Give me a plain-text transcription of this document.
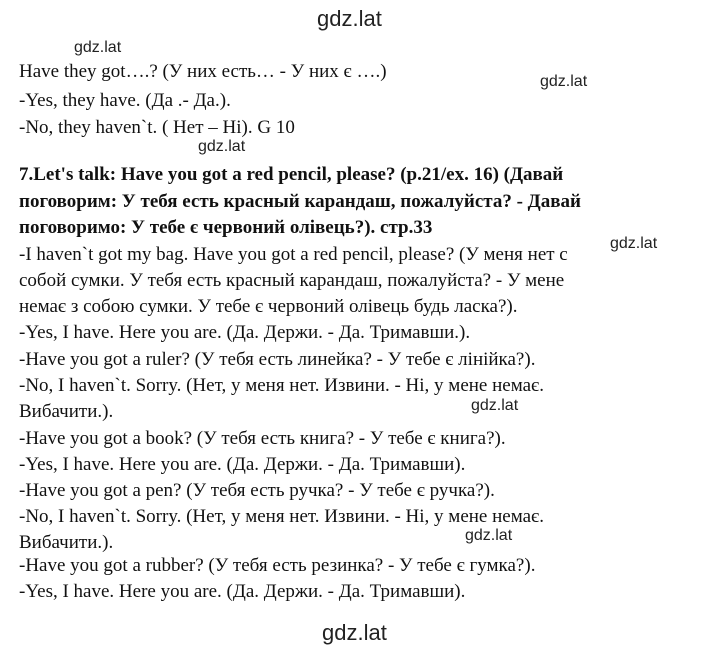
gdz.lat
gdz.lat
gdz.lat
gdz.lat
gdz.lat
gdz.lat
gdz.lat
gdz.lat
Have they got….? (У них есть… - У них є ….)
-Yes, they have. (Да .- Да.).
-No, they haven`t. ( Нет – Ні). G 10
7.Let's talk: Have you got a red pencil, please? (р.21/ex. 16) (Давай
поговорим: У тебя есть красный карандаш, пожалуйста? - Давай
поговоримо: У тебе є червоний олівець?). стр.33
-I haven`t got my bag. Have you got a red pencil, please? (У меня нет с
собой сумки. У тебя есть красный карандаш, пожалуйста? - У мене
немає з собою сумки. У тебе є червоний олівець будь ласка?).
-Yes, I have. Here you are. (Да. Держи. - Да. Тримавши.).
-Have you got a ruler? (У тебя есть линейка? - У тебе є лінійка?).
-No, I haven`t. Sorry. (Нет, у меня нет. Извини. - Ні, у мене немає.
Вибачити.).
-Have you got a book? (У тебя есть книга? - У тебе є книга?).
-Yes, I have. Here you are. (Да. Держи. - Да. Тримавши).
-Have you got a pen? (У тебя есть ручка? - У тебе є ручка?).
-No, I haven`t. Sorry. (Нет, у меня нет. Извини. - Ні, у мене немає.
Вибачити.).
-Have you got a rubber? (У тебя есть резинка? - У тебе є гумка?).
-Yes, I have. Here you are. (Да. Держи. - Да. Тримавши).
